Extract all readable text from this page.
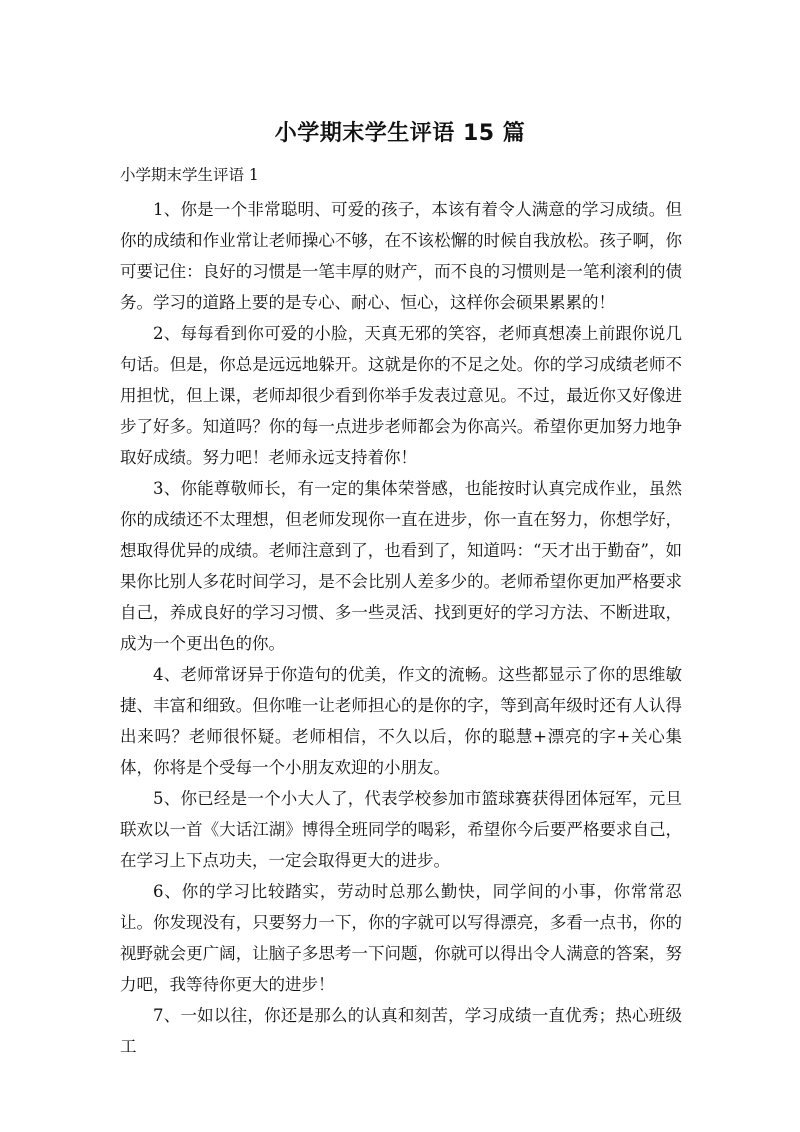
小学期末学生评语 15 篇

小学期末学生评语 1

1、你是一个非常聪明、可爱的孩子，本该有着令人满意的学习成绩。但你的成绩和作业常让老师操心不够，在不该松懈的时候自我放松。孩子啊，你可要记住：良好的习惯是一笔丰厚的财产，而不良的习惯则是一笔利滚利的债务。学习的道路上要的是专心、耐心、恒心，这样你会硕果累累的！

2、每每看到你可爱的小脸，天真无邪的笑容，老师真想凑上前跟你说几句话。但是，你总是远远地躲开。这就是你的不足之处。你的学习成绩老师不用担忧，但上课，老师却很少看到你举手发表过意见。不过，最近你又好像进步了好多。知道吗？你的每一点进步老师都会为你高兴。希望你更加努力地争取好成绩。努力吧！老师永远支持着你！

3、你能尊敬师长，有一定的集体荣誉感，也能按时认真完成作业，虽然你的成绩还不太理想，但老师发现你一直在进步，你一直在努力，你想学好，想取得优异的成绩。老师注意到了，也看到了，知道吗：“天才出于勤奋”，如果你比别人多花时间学习，是不会比别人差多少的。老师希望你更加严格要求自己，养成良好的学习习惯、多一些灵活、找到更好的学习方法、不断进取，成为一个更出色的你。

4、老师常讶异于你造句的优美，作文的流畅。这些都显示了你的思维敏捷、丰富和细致。但你唯一让老师担心的是你的字，等到高年级时还有人认得出来吗？老师很怀疑。老师相信，不久以后，你的聪慧+漂亮的字+关心集体，你将是个受每一个小朋友欢迎的小朋友。

5、你已经是一个小大人了，代表学校参加市篮球赛获得团体冠军，元旦联欢以一首《大话江湖》博得全班同学的喝彩，希望你今后要严格要求自己，在学习上下点功夫，一定会取得更大的进步。

6、你的学习比较踏实，劳动时总那么勤快，同学间的小事，你常常忍让。你发现没有，只要努力一下，你的字就可以写得漂亮，多看一点书，你的视野就会更广阔，让脑子多思考一下问题，你就可以得出令人满意的答案，努力吧，我等待你更大的进步！

7、一如以往，你还是那么的认真和刻苦，学习成绩一直优秀；热心班级工
